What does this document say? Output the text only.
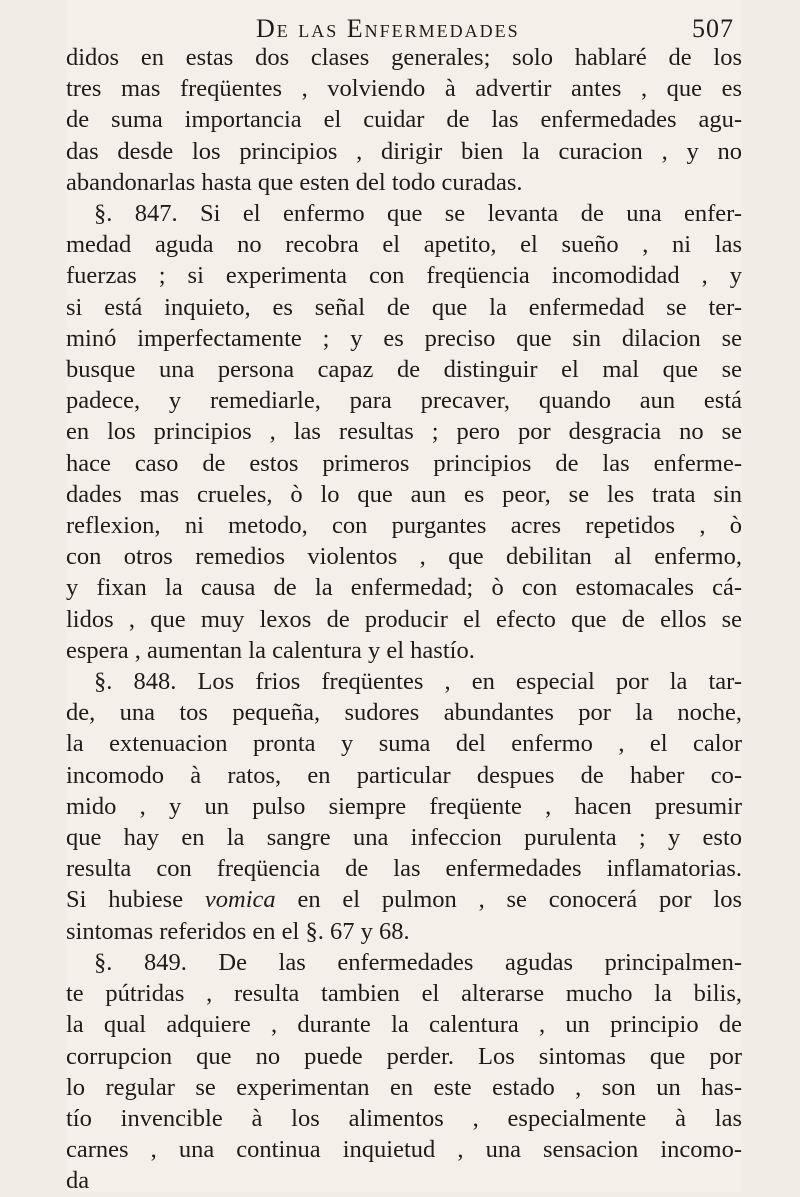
De las Enfermedades	507
didos en estas dos clases generales; solo hablaré de los
tres mas freqüentes , volviendo à advertir antes , que es
de suma importancia el cuidar de las enfermedades agu-
das desde los principios , dirigir bien la curacion , y no
abandonarlas hasta que esten del todo curadas.
§. 847. Si el enfermo que se levanta de una enfer-
medad aguda no recobra el apetito, el sueño , ni las
fuerzas ; si experimenta con freqüencia incomodidad , y
si está inquieto, es señal de que la enfermedad se ter-
minó imperfectamente ; y es preciso que sin dilacion se
busque una persona capaz de distinguir el mal que se
padece, y remediarle, para precaver, quando aun está
en los principios , las resultas ; pero por desgracia no se
hace caso de estos primeros principios de las enferme-
dades mas crueles, ò lo que aun es peor, se les trata sin
reflexion, ni metodo, con purgantes acres repetidos , ò
con otros remedios violentos , que debilitan al enfermo,
y fixan la causa de la enfermedad; ò con estomacales cá-
lidos , que muy lexos de producir el efecto que de ellos se
espera , aumentan la calentura y el hastío.
§. 848. Los frios freqüentes , en especial por la tar-
de, una tos pequeña, sudores abundantes por la noche,
la extenuacion pronta y suma del enfermo , el calor
incomodo à ratos, en particular despues de haber co-
mido , y un pulso siempre freqüente , hacen presumir
que hay en la sangre una infeccion purulenta ; y esto
resulta con freqüencia de las enfermedades inflamatorias.
Si hubiese vomica en el pulmon , se conocerá por los
sintomas referidos en el §. 67 y 68.
§. 849. De las enfermedades agudas principalmen-
te pútridas , resulta tambien el alterarse mucho la bilis,
la qual adquiere , durante la calentura , un principio de
corrupcion que no puede perder. Los sintomas que por
lo regular se experimentan en este estado , son un has-
tío invencible à los alimentos , especialmente à las
carnes , una continua inquietud , una sensacion incomo-
da
